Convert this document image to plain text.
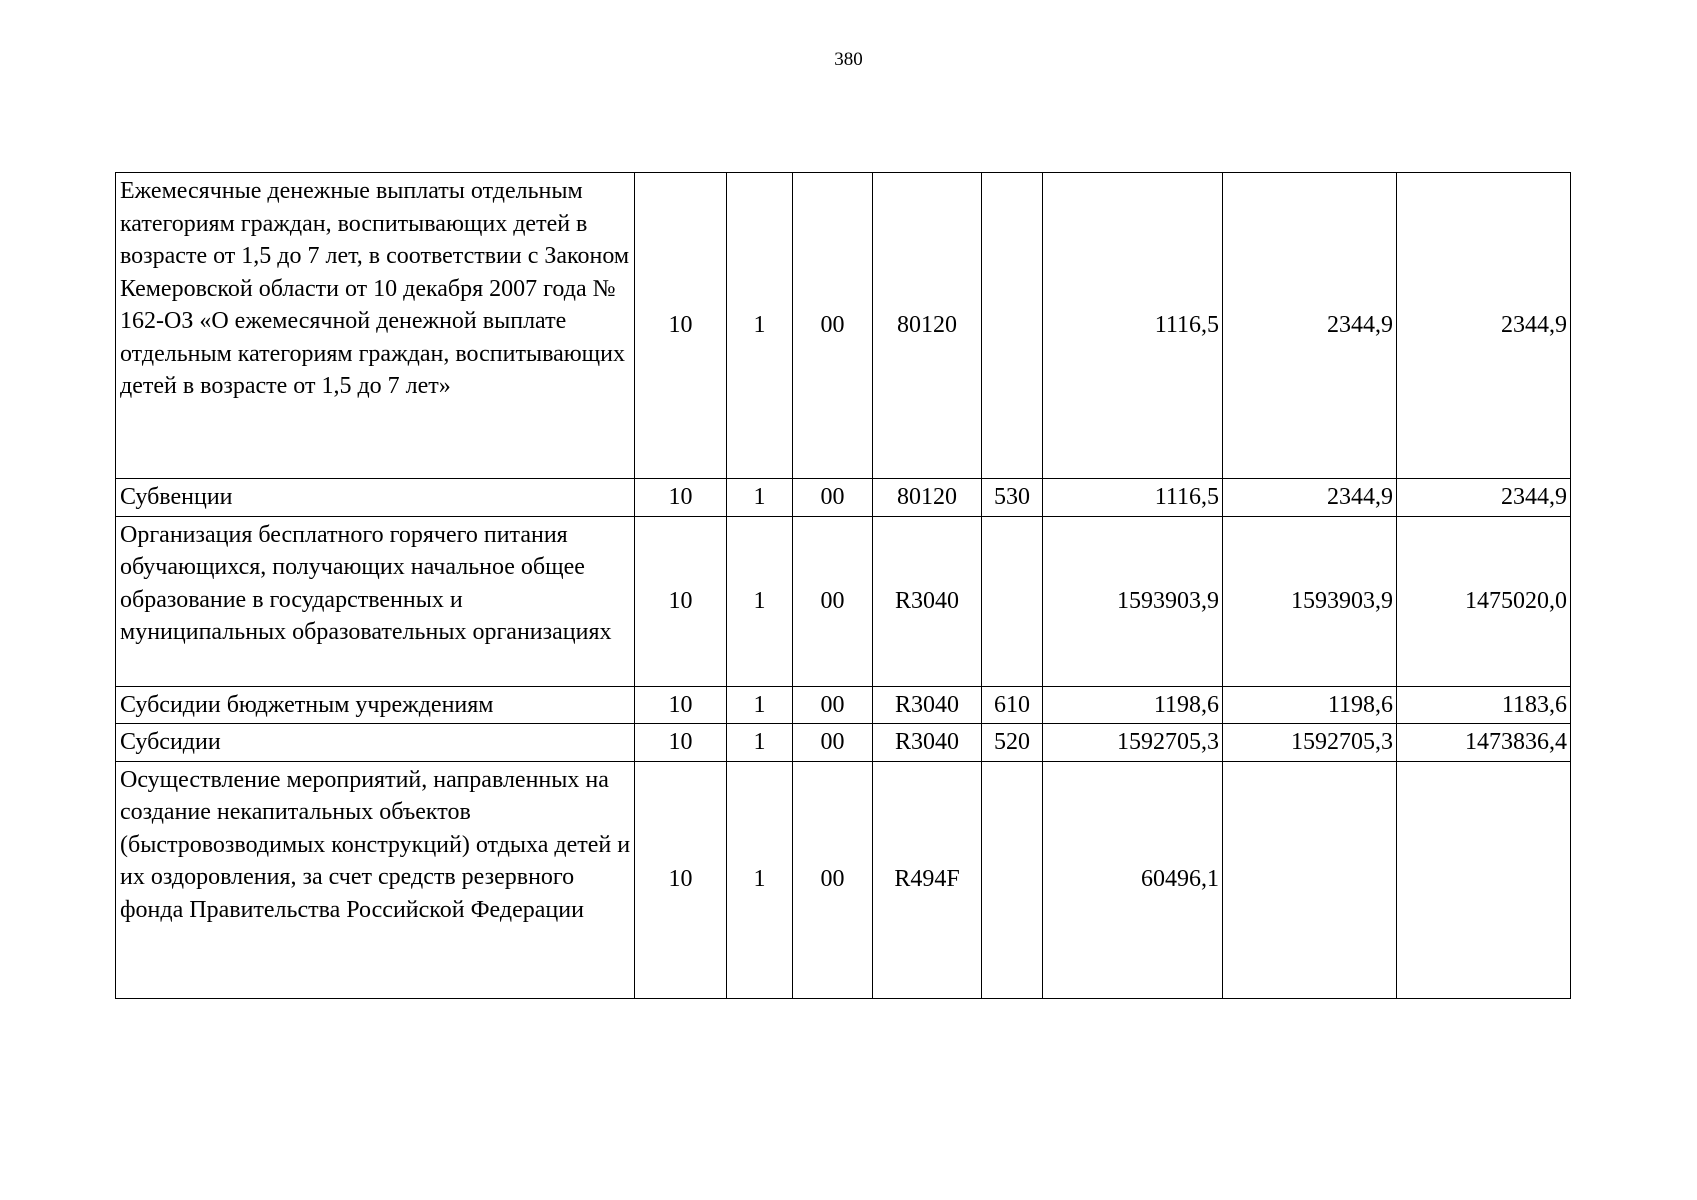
380
Ежемесячные денежные выплаты отдельным категориям граждан, воспитывающих детей в возрасте от 1,5 до 7 лет, в соответствии с Законом Кемеровской области от 10 декабря 2007 года № 162-ОЗ «О ежемесячной денежной выплате отдельным категориям граждан, воспитывающих детей в возрасте от 1,5 до 7 лет»	10	1	00	80120		1116,5	2344,9	2344,9
Субвенции	10	1	00	80120	530	1116,5	2344,9	2344,9
Организация бесплатного горячего питания обучающихся, получающих начальное общее образование в государственных и муниципальных образовательных организациях	10	1	00	R3040		1593903,9	1593903,9	1475020,0
Субсидии бюджетным учреждениям	10	1	00	R3040	610	1198,6	1198,6	1183,6
Субсидии	10	1	00	R3040	520	1592705,3	1592705,3	1473836,4
Осуществление мероприятий, направленных на создание некапитальных объектов (быстровозводимых конструкций) отдыха детей и их оздоровления, за счет средств резервного фонда Правительства Российской Федерации	10	1	00	R494F		60496,1		
